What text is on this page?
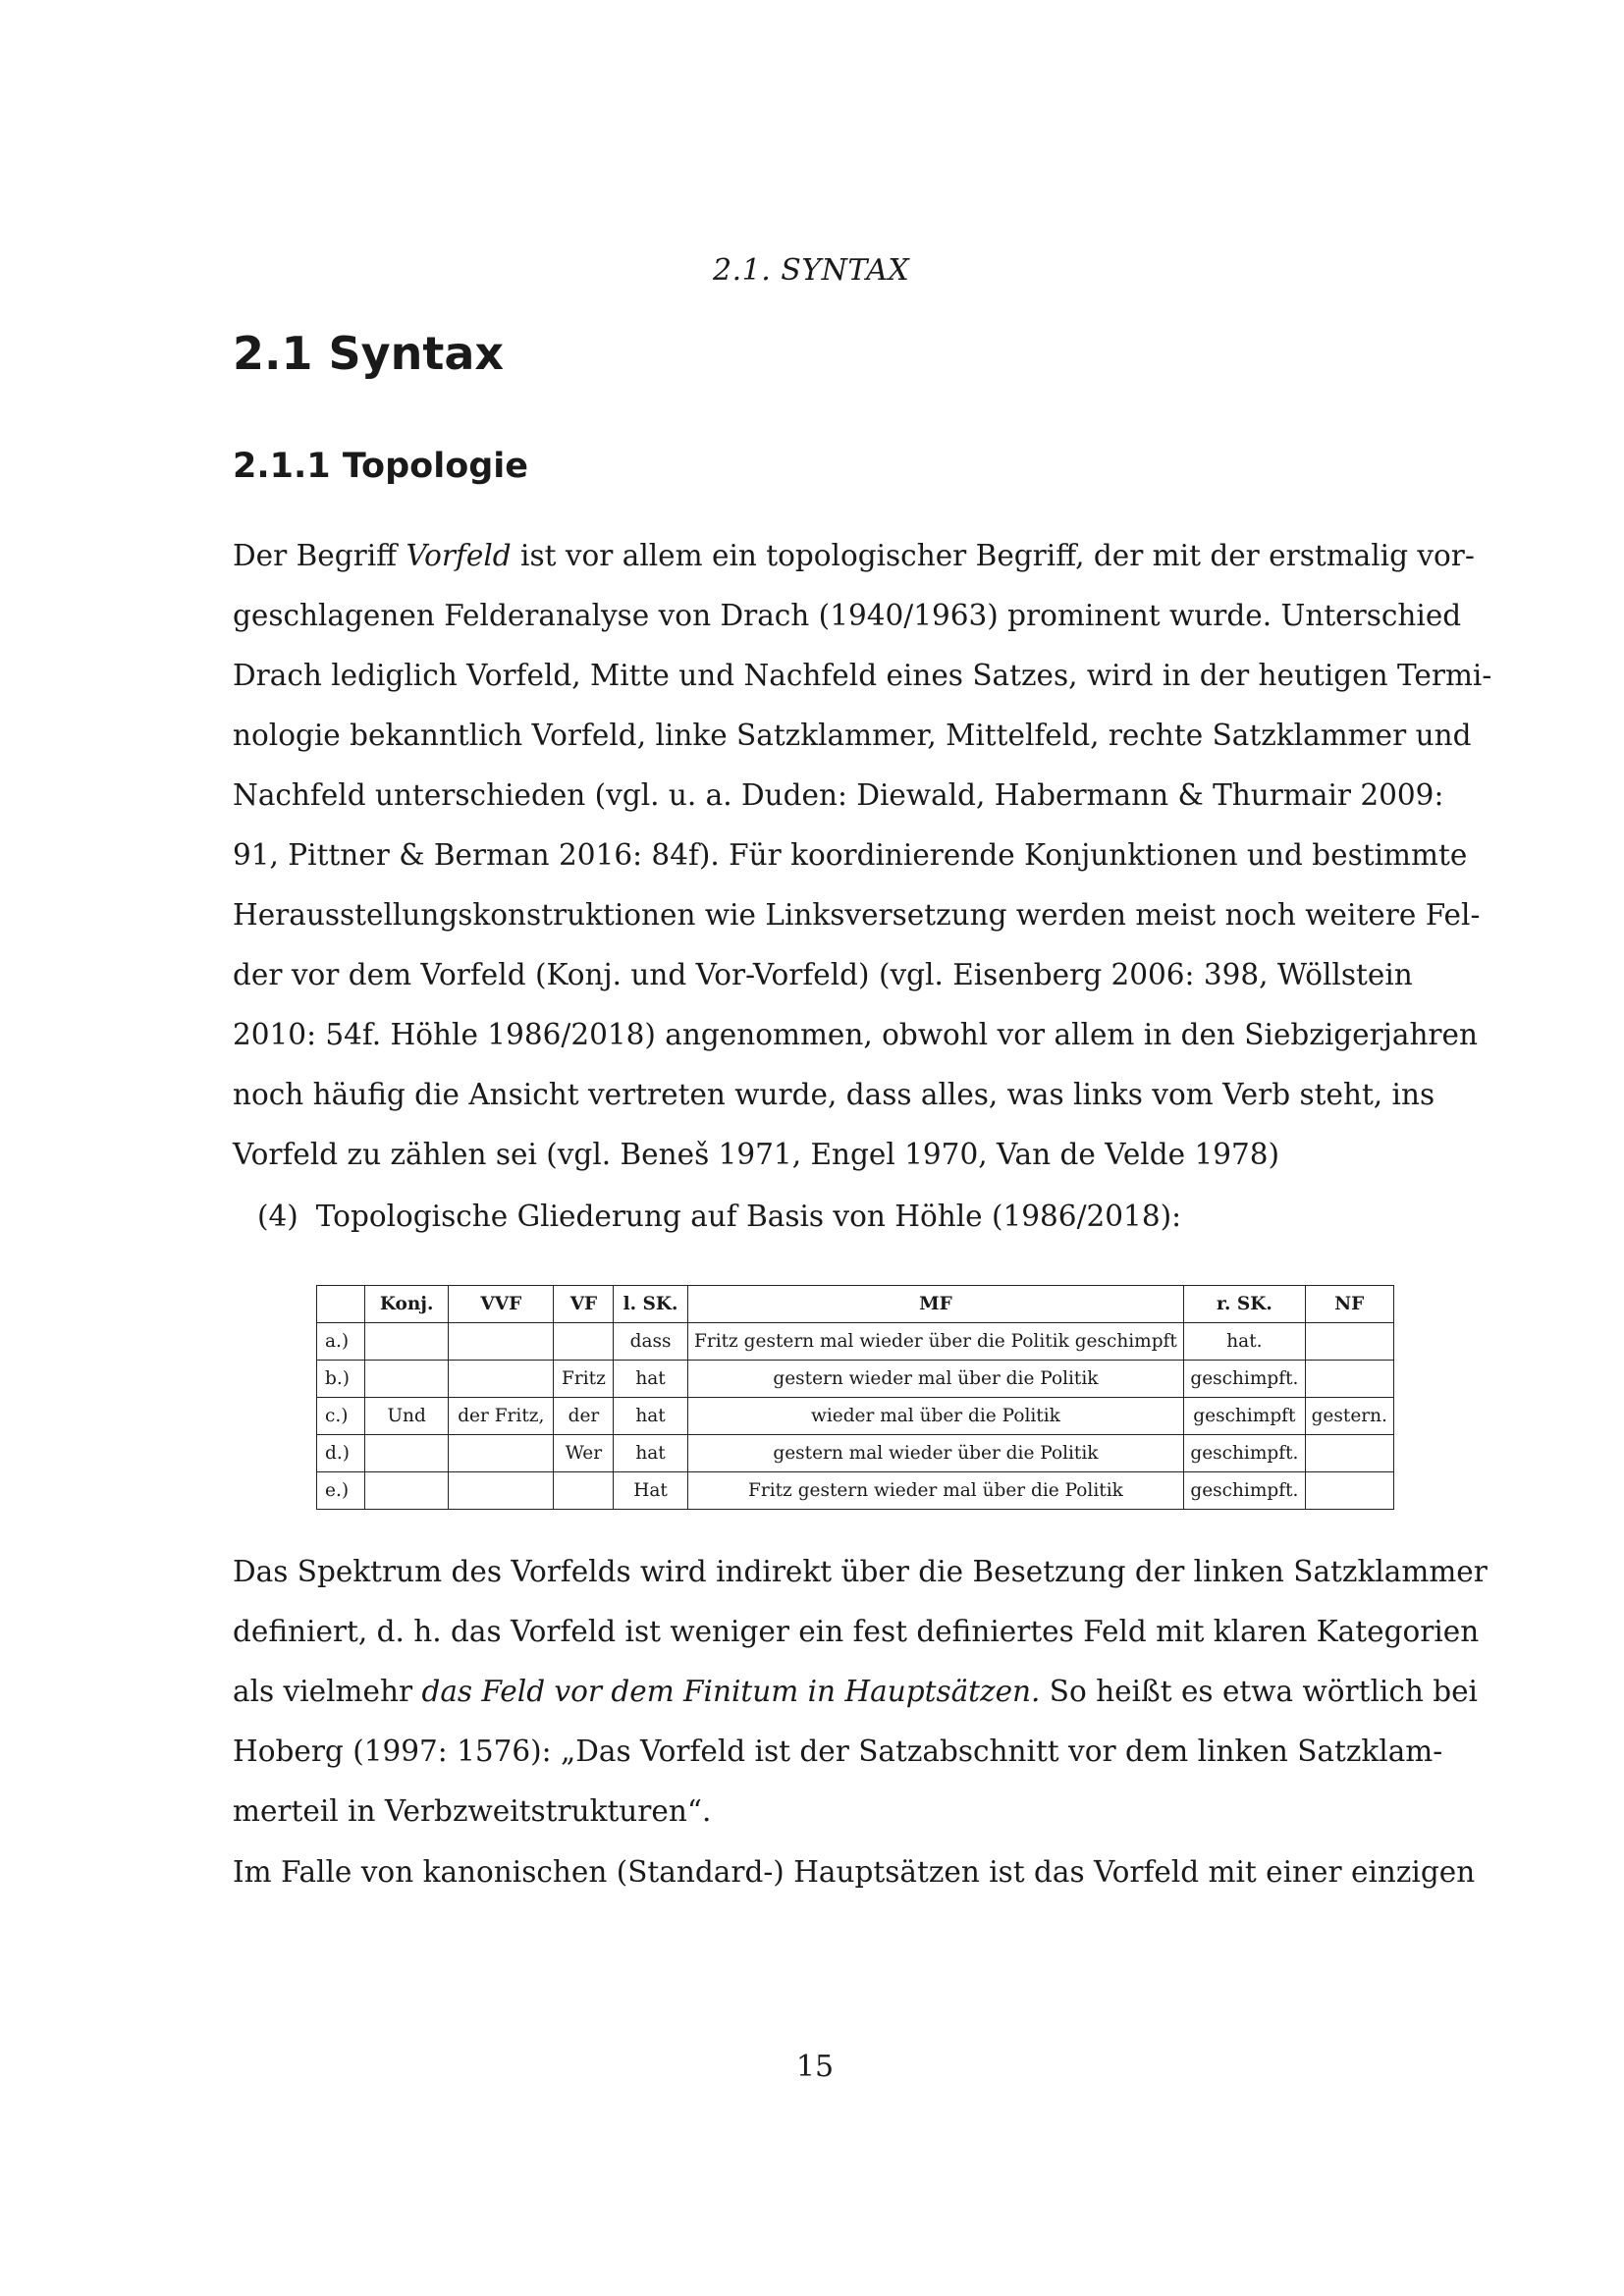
2.1. SYNTAX
2.1 Syntax
2.1.1 Topologie
Der Begriff Vorfeld ist vor allem ein topologischer Begriff, der mit der erstmalig vor-
geschlagenen Felderanalyse von Drach (1940/1963) prominent wurde. Unterschied
Drach lediglich Vorfeld, Mitte und Nachfeld eines Satzes, wird in der heutigen Termi-
nologie bekanntlich Vorfeld, linke Satzklammer, Mittelfeld, rechte Satzklammer und
Nachfeld unterschieden (vgl. u. a. Duden: Diewald, Habermann & Thurmair 2009:
91, Pittner & Berman 2016: 84f). Für koordinierende Konjunktionen und bestimmte
Herausstellungskonstruktionen wie Linksversetzung werden meist noch weitere Fel-
der vor dem Vorfeld (Konj. und Vor-Vorfeld) (vgl. Eisenberg 2006: 398, Wöllstein
2010: 54f. Höhle 1986/2018) angenommen, obwohl vor allem in den Siebzigerjahren
noch häufig die Ansicht vertreten wurde, dass alles, was links vom Verb steht, ins
Vorfeld zu zählen sei (vgl. Beneš 1971, Engel 1970, Van de Velde 1978)
(4) Topologische Gliederung auf Basis von Höhle (1986/2018):
	Konj.	VVF	VF	l. SK.	MF	r. SK.	NF
a.)				dass	Fritz gestern mal wieder über die Politik geschimpft	hat.	
b.)			Fritz	hat	gestern wieder mal über die Politik	geschimpft.	
c.)	Und	der Fritz,	der	hat	wieder mal über die Politik	geschimpft	gestern.
d.)			Wer	hat	gestern mal wieder über die Politik	geschimpft.	
e.)				Hat	Fritz gestern wieder mal über die Politik	geschimpft.	
Das Spektrum des Vorfelds wird indirekt über die Besetzung der linken Satzklammer
definiert, d. h. das Vorfeld ist weniger ein fest definiertes Feld mit klaren Kategorien
als vielmehr das Feld vor dem Finitum in Hauptsätzen. So heißt es etwa wörtlich bei
Hoberg (1997: 1576): „Das Vorfeld ist der Satzabschnitt vor dem linken Satzklam-
merteil in Verbzweitstrukturen“.
Im Falle von kanonischen (Standard-) Hauptsätzen ist das Vorfeld mit einer einzigen
15
